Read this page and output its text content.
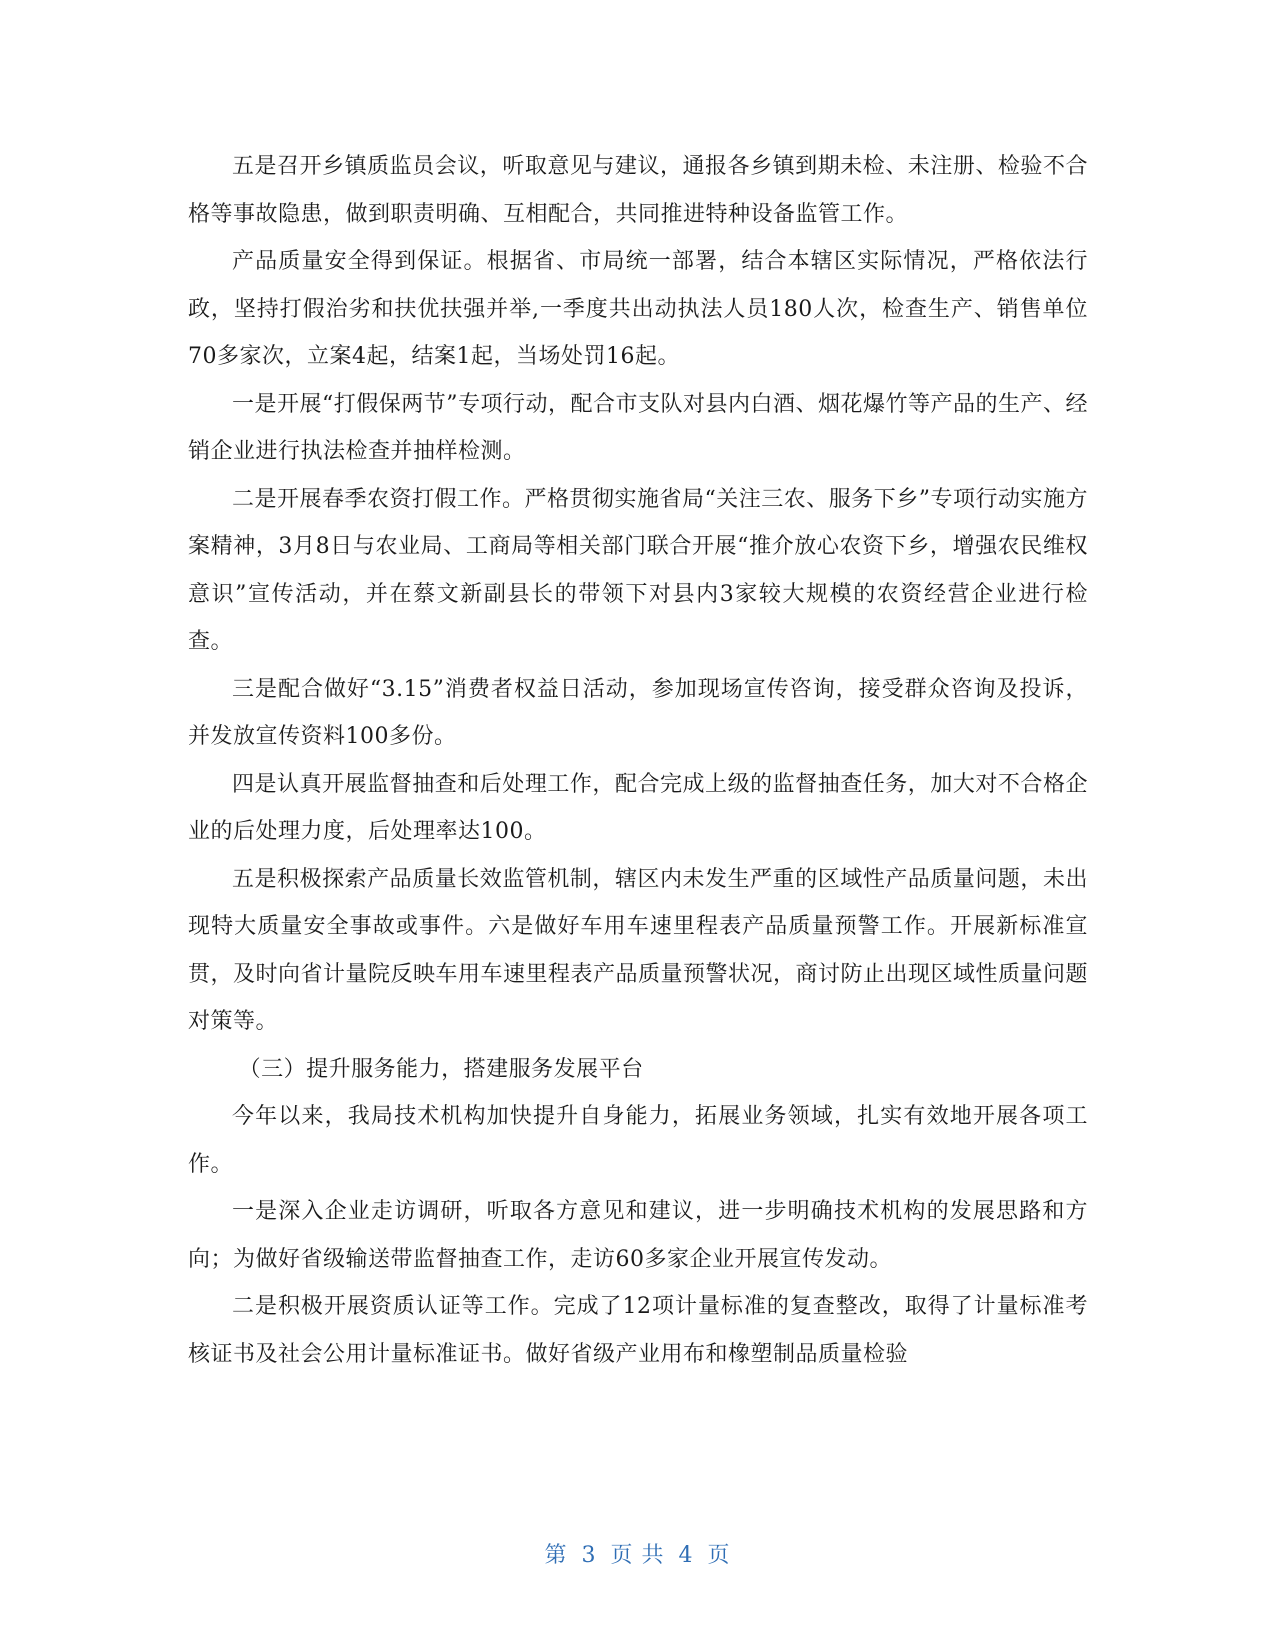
五是召开乡镇质监员会议，听取意见与建议，通报各乡镇到期未检、未注册、检验不合格等事故隐患，做到职责明确、互相配合，共同推进特种设备监管工作。

产品质量安全得到保证。根据省、市局统一部署，结合本辖区实际情况，严格依法行政，坚持打假治劣和扶优扶强并举,一季度共出动执法人员180人次，检查生产、销售单位70多家次，立案4起，结案1起，当场处罚16起。

一是开展“打假保两节”专项行动，配合市支队对县内白酒、烟花爆竹等产品的生产、经销企业进行执法检查并抽样检测。

二是开展春季农资打假工作。严格贯彻实施省局“关注三农、服务下乡”专项行动实施方案精神，3月8日与农业局、工商局等相关部门联合开展“推介放心农资下乡，增强农民维权意识”宣传活动，并在蔡文新副县长的带领下对县内3家较大规模的农资经营企业进行检查。

三是配合做好“3.15”消费者权益日活动，参加现场宣传咨询，接受群众咨询及投诉，并发放宣传资料100多份。

四是认真开展监督抽查和后处理工作，配合完成上级的监督抽查任务，加大对不合格企业的后处理力度，后处理率达100。

五是积极探索产品质量长效监管机制，辖区内未发生严重的区域性产品质量问题，未出现特大质量安全事故或事件。六是做好车用车速里程表产品质量预警工作。开展新标准宣贯，及时向省计量院反映车用车速里程表产品质量预警状况，商讨防止出现区域性质量问题对策等。

（三）提升服务能力，搭建服务发展平台

今年以来，我局技术机构加快提升自身能力，拓展业务领域，扎实有效地开展各项工作。

一是深入企业走访调研，听取各方意见和建议，进一步明确技术机构的发展思路和方向；为做好省级输送带监督抽查工作，走访60多家企业开展宣传发动。

二是积极开展资质认证等工作。完成了12项计量标准的复查整改，取得了计量标准考核证书及社会公用计量标准证书。做好省级产业用布和橡塑制品质量检验

第 3 页 共 4 页
